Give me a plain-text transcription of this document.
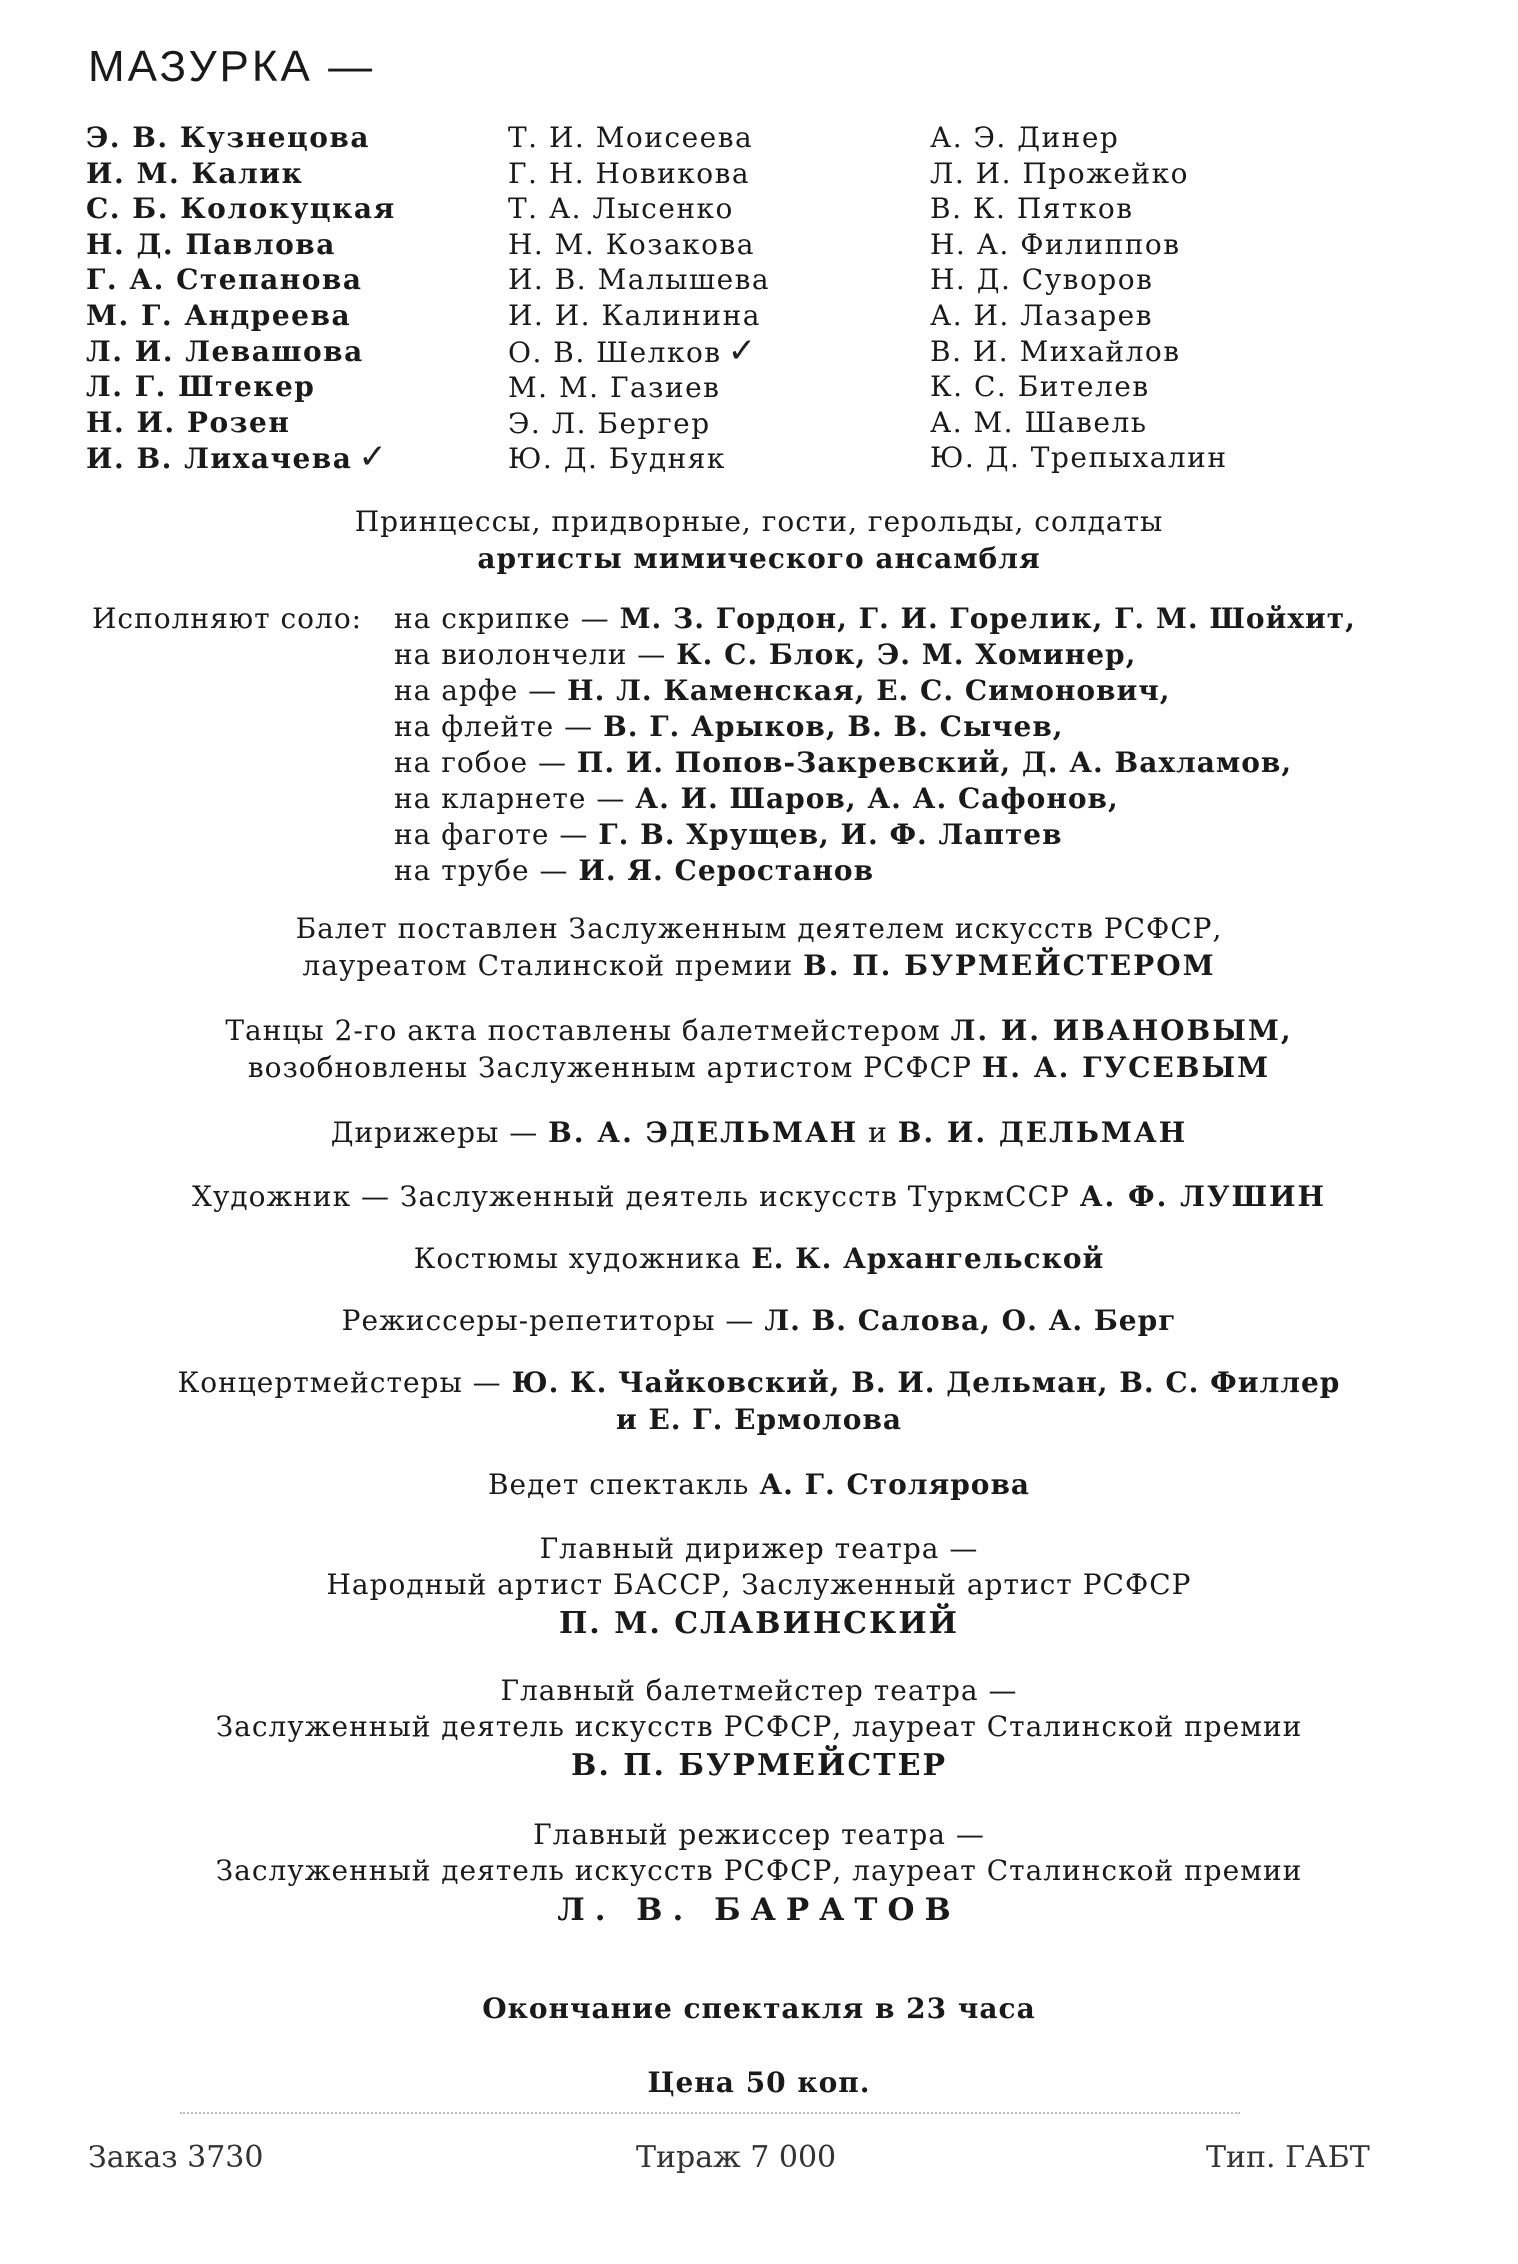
МАЗУРКА —
Э. В. Кузнецова
И. М. Калик
С. Б. Колокуцкая
Н. Д. Павлова
Г. А. Степанова
М. Г. Андреева
Л. И. Левашова
Л. Г. Штекер
Н. И. Розен
И. В. Лихачева ✓
Т. И. Моисеева
Г. Н. Новикова
Т. А. Лысенко
Н. М. Козакова
И. В. Малышева
И. И. Калинина
О. В. Шелков ✓
М. М. Газиев
Э. Л. Бергер
Ю. Д. Будняк
А. Э. Динер
Л. И. Прожейко
В. К. Пятков
Н. А. Филиппов
Н. Д. Суворов
А. И. Лазарев
В. И. Михайлов
К. С. Бителев
А. М. Шавель
Ю. Д. Трепыхалин
Принцессы, придворные, гости, герольды, солдаты
артисты мимического ансамбля
Исполняют соло: на скрипке — М. З. Гордон, Г. И. Горелик, Г. М. Шойхит,
на виолончели — К. С. Блок, Э. М. Хоминер,
на арфе — Н. Л. Каменская, Е. С. Симонович,
на флейте — В. Г. Арыков, В. В. Сычев,
на гобое — П. И. Попов-Закревский, Д. А. Вахламов,
на кларнете — А. И. Шаров, А. А. Сафонов,
на фаготе — Г. В. Хрущев, И. Ф. Лаптев
на трубе — И. Я. Серостанов
Балет поставлен Заслуженным деятелем искусств РСФСР,
лауреатом Сталинской премии В. П. БУРМЕЙСТЕРОМ
Танцы 2-го акта поставлены балетмейстером Л. И. ИВАНОВЫМ,
возобновлены Заслуженным артистом РСФСР Н. А. ГУСЕВЫМ
Дирижеры — В. А. ЭДЕЛЬМАН и В. И. ДЕЛЬМАН
Художник — Заслуженный деятель искусств ТуркмССР А. Ф. ЛУШИН
Костюмы художника Е. К. Архангельской
Режиссеры-репетиторы — Л. В. Салова, О. А. Берг
Концертмейстеры — Ю. К. Чайковский, В. И. Дельман, В. С. Филлер
и Е. Г. Ермолова
Ведет спектакль А. Г. Столярова
Главный дирижер театра —
Народный артист БАССР, Заслуженный артист РСФСР
П. М. СЛАВИНСКИЙ
Главный балетмейстер театра —
Заслуженный деятель искусств РСФСР, лауреат Сталинской премии
В. П. БУРМЕЙСТЕР
Главный режиссер театра —
Заслуженный деятель искусств РСФСР, лауреат Сталинской премии
Л. В. БАРАТОВ
Окончание спектакля в 23 часа
Цена 50 коп.
Заказ 3730	Тираж 7 000	Тип. ГАБТ
